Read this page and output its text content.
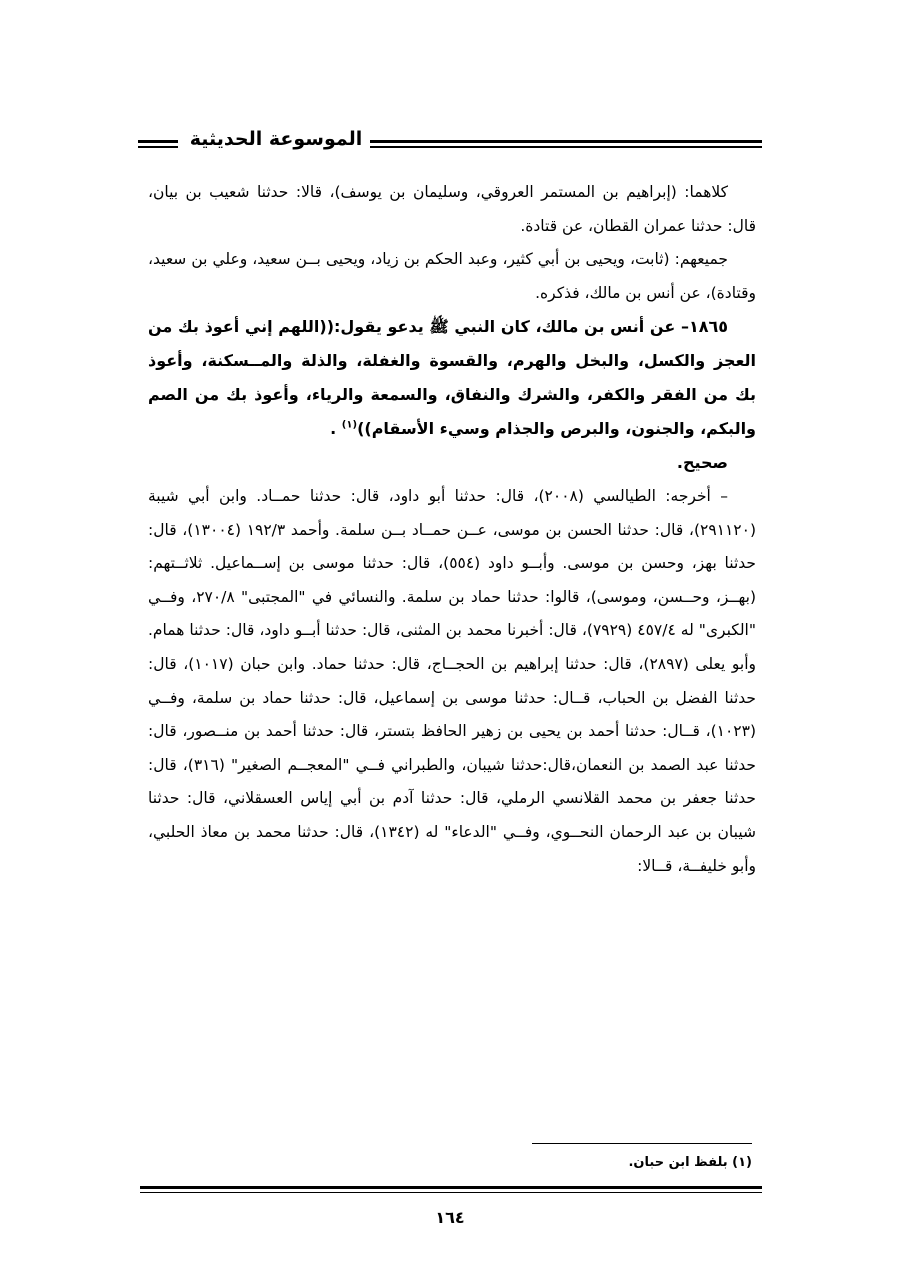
الموسوعة الحديثية

كلاهما: (إبراهيم بن المستمر العروقي، وسليمان بن يوسف)، قالا: حدثنا شعيب بن بيان، قال: حدثنا عمران القطان، عن قتادة.

جميعهم: (ثابت، ويحيى بن أبي كثير، وعبد الحكم بن زياد، ويحيى بــن سعيد، وعلي بن سعيد، وقتادة)، عن أنس بن مالك، فذكره.

١٨٦٥– عن أنس بن مالك، كان النبي ﷺ يدعو يقول:((اللهم إني أعوذ بك من العجز والكسل، والبخل والهرم، والقسوة والغفلة، والذلة والمــسكنة، وأعوذ بك من الفقر والكفر، والشرك والنفاق، والسمعة والرياء، وأعوذ بك من الصم والبكم، والجنون، والبرص والجذام وسيء الأسقام))$^{(١)}$ .

صحيح.

– أخرجه: الطيالسي (٢٠٠٨)، قال: حدثنا أبو داود، قال: حدثنا حمــاد. وابن أبي شيبة (٢٩١١٢٠)، قال: حدثنا الحسن بن موسى، عــن حمــاد بــن سلمة. وأحمد ١٩٢/٣ (١٣٠٠٤)، قال: حدثنا بهز، وحسن بن موسى. وأبــو داود (٥٥٤)، قال: حدثنا موسى بن إســماعيل. ثلاثــتهم: (بهــز، وحــسن، وموسى)، قالوا: حدثنا حماد بن سلمة. والنسائي في "المجتبى" ٢٧٠/٨، وفــي "الكبرى" له ٤٥٧/٤ (٧٩٢٩)، قال: أخبرنا محمد بن المثنى، قال: حدثنا أبــو داود، قال: حدثنا همام. وأبو يعلى (٢٨٩٧)، قال: حدثنا إبراهيم بن الحجــاج، قال: حدثنا حماد. وابن حبان (١٠١٧)، قال: حدثنا الفضل بن الحباب، قــال: حدثنا موسى بن إسماعيل، قال: حدثنا حماد بن سلمة، وفــي (١٠٢٣)، قــال: حدثنا أحمد بن يحيى بن زهير الحافظ بتستر، قال: حدثنا أحمد بن منــصور، قال: حدثنا عبد الصمد بن النعمان،قال:حدثنا شيبان، والطبراني فــي "المعجــم الصغير" (٣١٦)، قال: حدثنا جعفر بن محمد القلانسي الرملي، قال: حدثنا آدم بن أبي إياس العسقلاني، قال: حدثنا شيبان بن عبد الرحمان النحــوي، وفــي "الدعاء" له (١٣٤٢)، قال: حدثنا محمد بن معاذ الحلبي، وأبو خليفــة، قــالا:

(١) بلفظ ابن حبان.
١٦٤
